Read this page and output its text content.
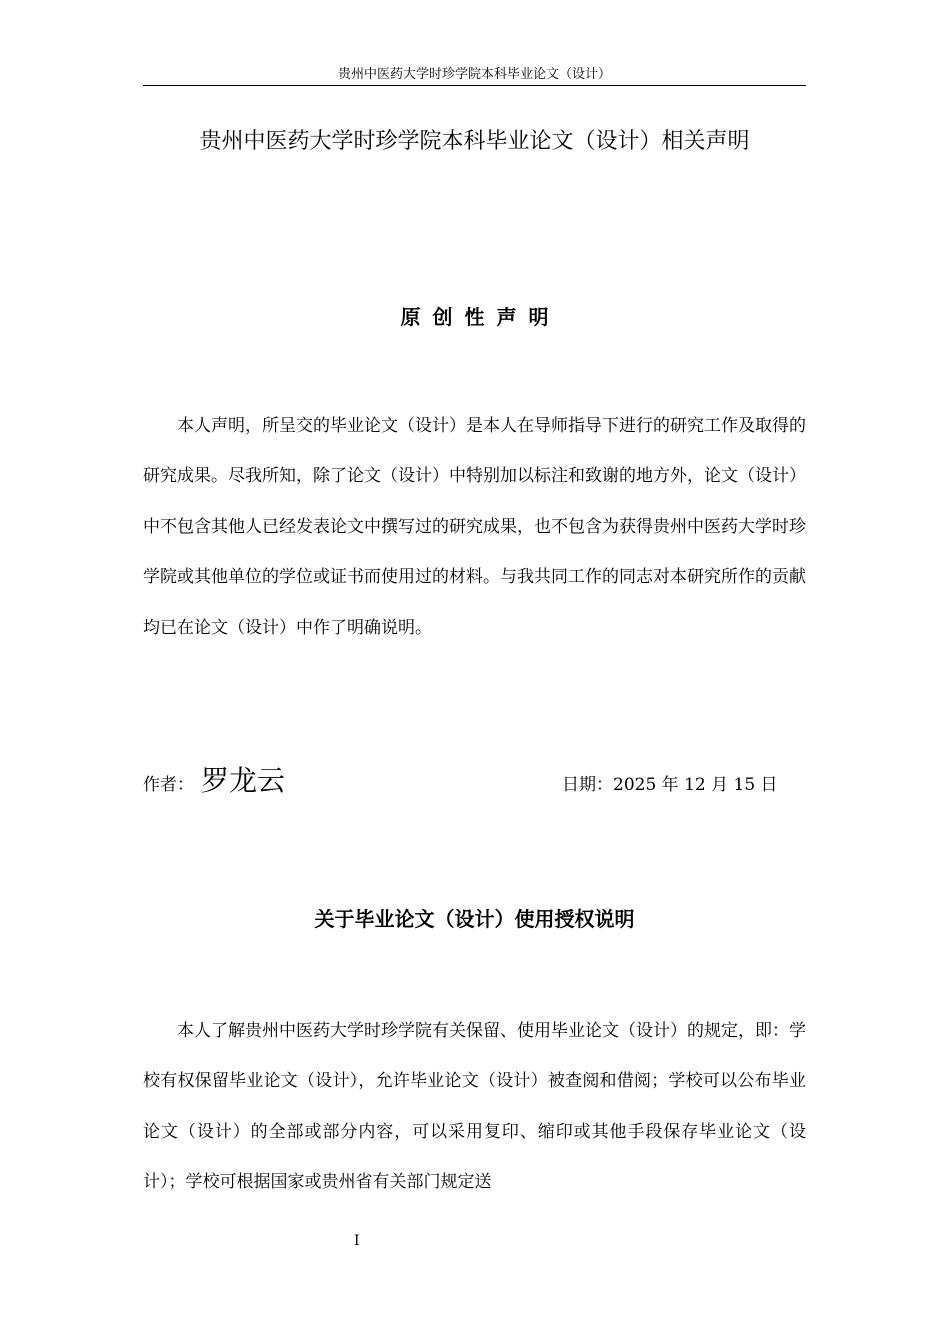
贵州中医药大学时珍学院本科毕业论文（设计）
贵州中医药大学时珍学院本科毕业论文（设计）相关声明
原创性声明

本人声明，所呈交的毕业论文（设计）是本人在导师指导下进行的研究工作及取得的研究成果。尽我所知，除了论文（设计）中特别加以标注和致谢的地方外，论文（设计）中不包含其他人已经发表论文中撰写过的研究成果，也不包含为获得贵州中医药大学时珍学院或其他单位的学位或证书而使用过的材料。与我共同工作的同志对本研究所作的贡献均已在论文（设计）中作了明确说明。

作者： 罗龙云	日期：2025 年 12 月 15 日
关于毕业论文（设计）使用授权说明

本人了解贵州中医药大学时珍学院有关保留、使用毕业论文（设计）的规定，即：学校有权保留毕业论文（设计），允许毕业论文（设计）被查阅和借阅；学校可以公布毕业论文（设计）的全部或部分内容，可以采用复印、缩印或其他手段保存毕业论文（设计）；学校可根据国家或贵州省有关部门规定送

I
